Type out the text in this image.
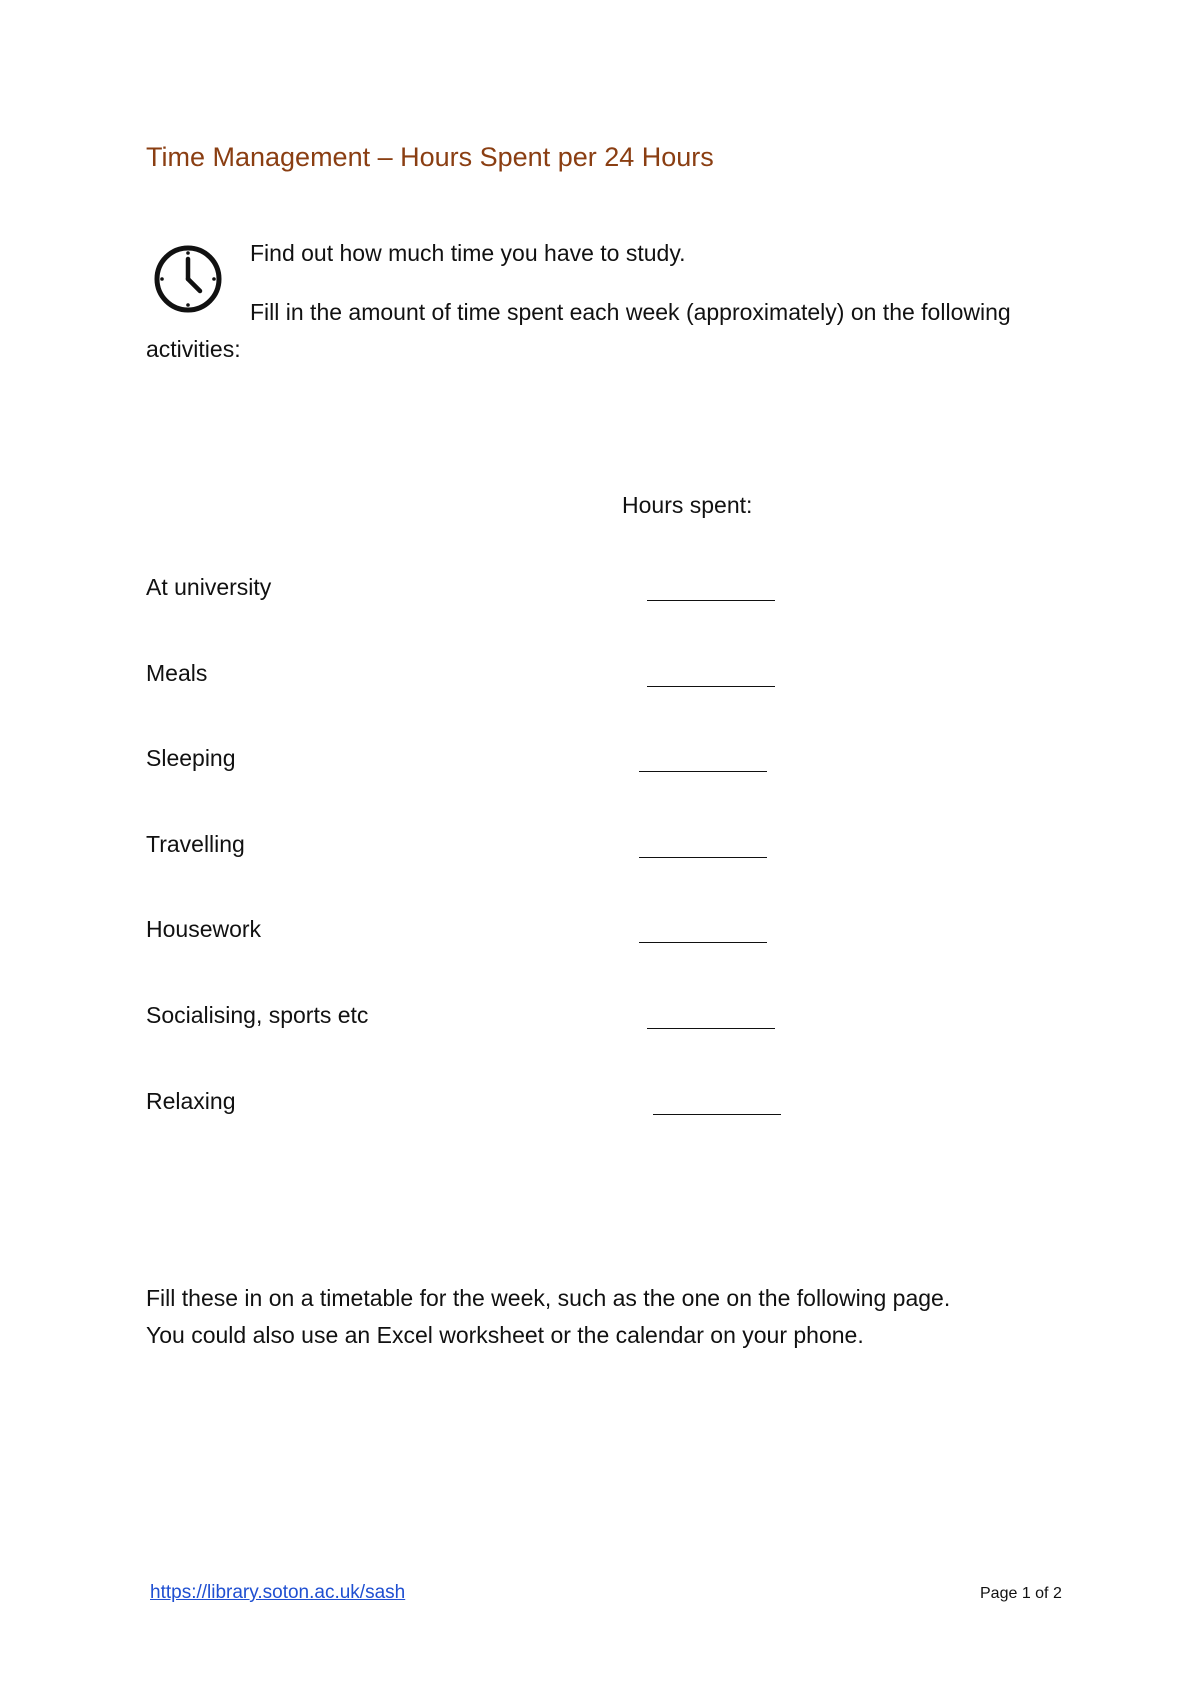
Time Management – Hours Spent per 24 Hours
Find out how much time you have to study.
Fill in the amount of time spent each week (approximately) on the following activities:
Hours spent:
At university
Meals
Sleeping
Travelling
Housework
Socialising, sports etc
Relaxing
Fill these in on a timetable for the week, such as the one on the following page.
You could also use an Excel worksheet or the calendar on your phone.
https://library.soton.ac.uk/sash	Page 1 of 2
